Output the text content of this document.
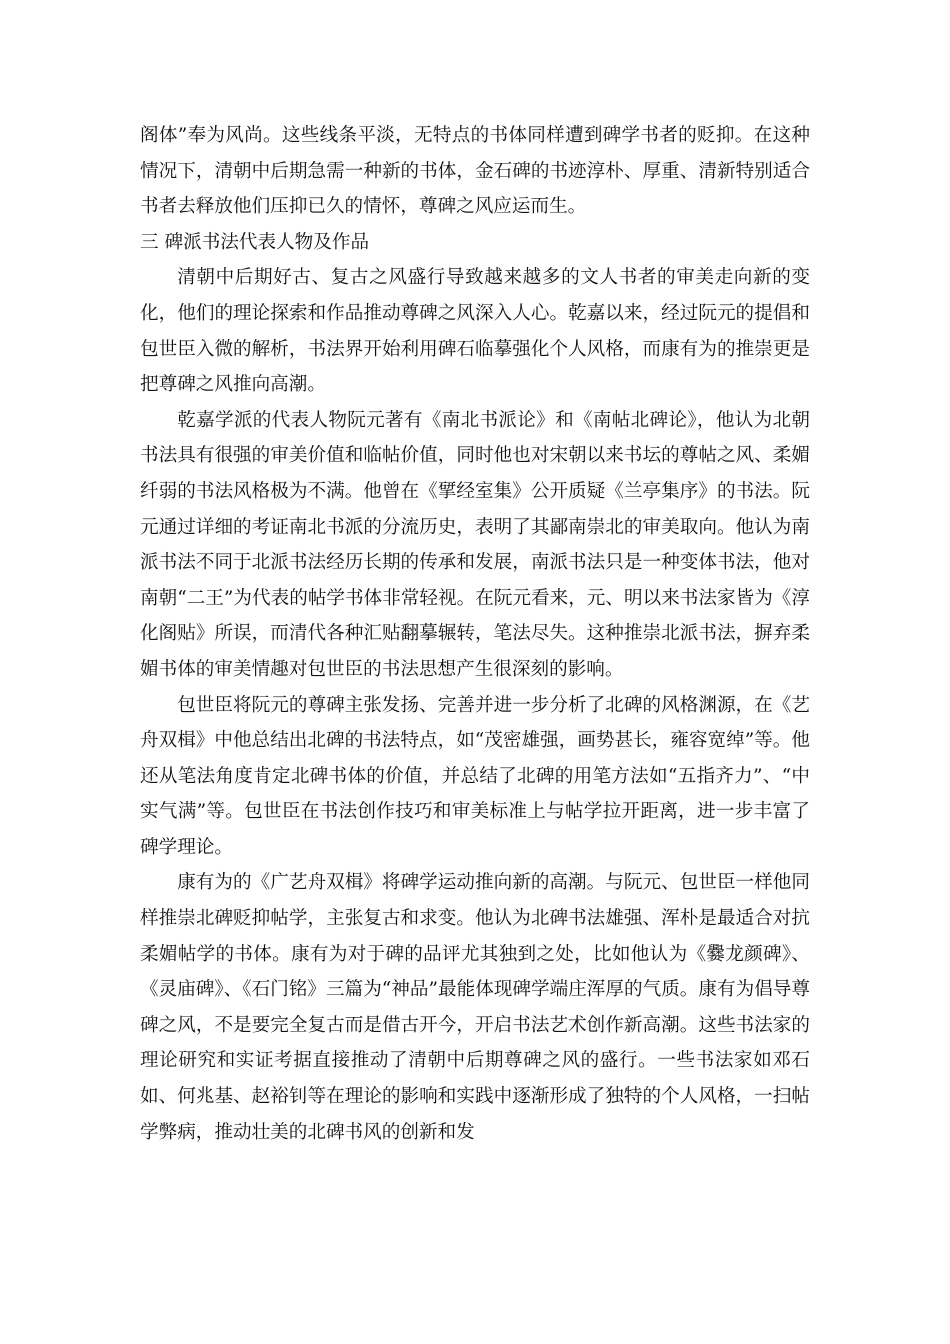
阁体”奉为风尚。这些线条平淡，无特点的书体同样遭到碑学书者的贬抑。在这种情况下，清朝中后期急需一种新的书体，金石碑的书迹淳朴、厚重、清新特别适合书者去释放他们压抑已久的情怀，尊碑之风应运而生。

三 碑派书法代表人物及作品

清朝中后期好古、复古之风盛行导致越来越多的文人书者的审美走向新的变化，他们的理论探索和作品推动尊碑之风深入人心。乾嘉以来，经过阮元的提倡和包世臣入微的解析，书法界开始利用碑石临摹强化个人风格，而康有为的推崇更是把尊碑之风推向高潮。

乾嘉学派的代表人物阮元著有《南北书派论》和《南帖北碑论》，他认为北朝书法具有很强的审美价值和临帖价值，同时他也对宋朝以来书坛的尊帖之风、柔媚纤弱的书法风格极为不满。他曾在《揅经室集》公开质疑《兰亭集序》的书法。阮元通过详细的考证南北书派的分流历史，表明了其鄙南崇北的审美取向。他认为南派书法不同于北派书法经历长期的传承和发展，南派书法只是一种变体书法，他对南朝“二王”为代表的帖学书体非常轻视。在阮元看来，元、明以来书法家皆为《淳化阁贴》所误，而清代各种汇贴翻摹辗转，笔法尽失。这种推崇北派书法，摒弃柔媚书体的审美情趣对包世臣的书法思想产生很深刻的影响。

包世臣将阮元的尊碑主张发扬、完善并进一步分析了北碑的风格渊源，在《艺舟双楫》中他总结出北碑的书法特点，如“茂密雄强，画势甚长，雍容宽绰”等。他还从笔法角度肯定北碑书体的价值，并总结了北碑的用笔方法如“五指齐力”、“中实气满”等。包世臣在书法创作技巧和审美标准上与帖学拉开距离，进一步丰富了碑学理论。

康有为的《广艺舟双楫》将碑学运动推向新的高潮。与阮元、包世臣一样他同样推崇北碑贬抑帖学，主张复古和求变。他认为北碑书法雄强、浑朴是最适合对抗柔媚帖学的书体。康有为对于碑的品评尤其独到之处，比如他认为《爨龙颜碑》、《灵庙碑》、《石门铭》三篇为“神品”最能体现碑学端庄浑厚的气质。康有为倡导尊碑之风，不是要完全复古而是借古开今，开启书法艺术创作新高潮。这些书法家的理论研究和实证考据直接推动了清朝中后期尊碑之风的盛行。一些书法家如邓石如、何兆基、赵裕钊等在理论的影响和实践中逐渐形成了独特的个人风格，一扫帖学弊病，推动壮美的北碑书风的创新和发
